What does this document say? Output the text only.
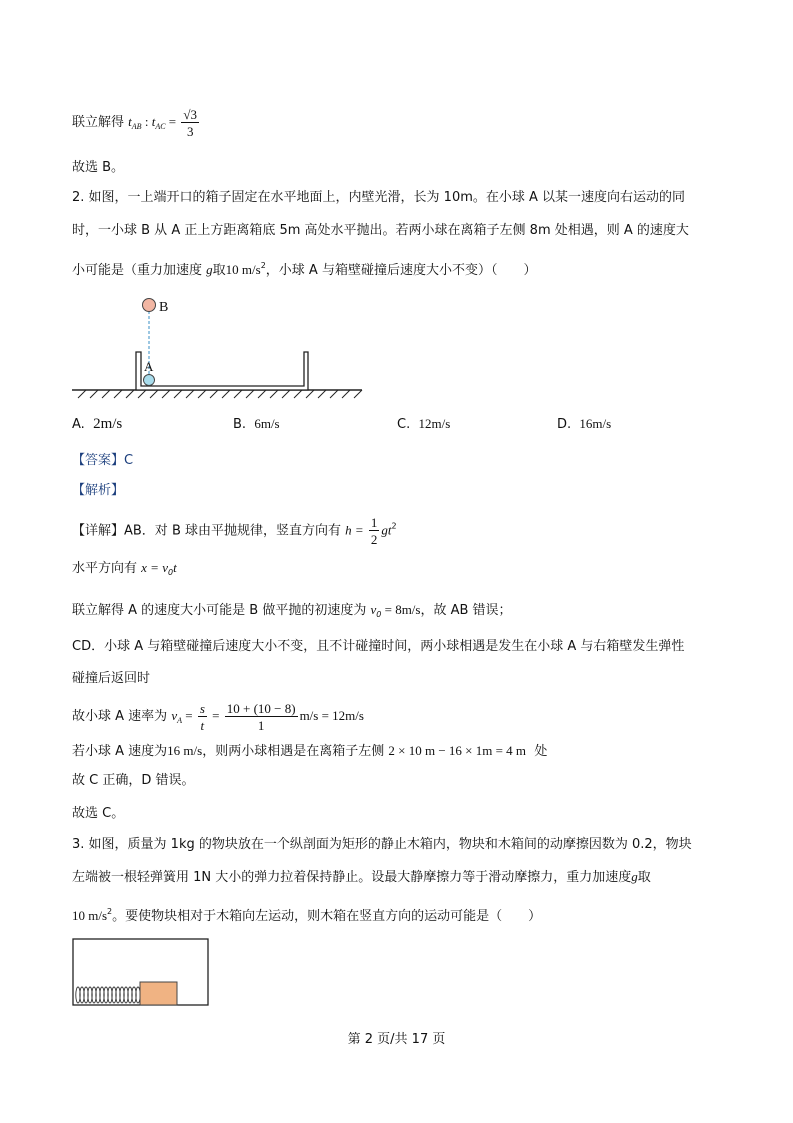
联立解得 $t_{AB}$ : $t_{AC} = \frac{√3}{3}$
故选 B。
2. 如图，一上端开口的箱子固定在水平地面上，内壁光滑，长为 10m。在小球 A 以某一速度向右运动的同
时，一小球 B 从 A 正上方距离箱底 5m 高处水平抛出。若两小球在离箱子左侧 8m 处相遇，则 A 的速度大
小可能是（重力加速度 g取10 $m/s^2$，小球 A 与箱壁碰撞后速度大小不变）（　　）
B
A
A. 2m/s	B. 6m/s	C. 12m/s	D. 16m/s
【答案】C
【解析】
【详解】AB．对 B 球由平抛规律，竖直方向有 $h = \frac{1}{2} gt^2$
水平方向有 $x = v_0t$
联立解得 A 的速度大小可能是 B 做平抛的初速度为 $v_0 = 8m/s$，故 AB 错误；
CD．小球 A 与箱壁碰撞后速度大小不变，且不计碰撞时间，两小球相遇是发生在小球 A 与右箱壁发生弹性
碰撞后返回时
故小球 A 速率为 $v_A = \frac{s}{t} = \frac{10 + (10 - 8)}{1} m/s = 12m/s$
若小球 A 速度为16 m/s，则两小球相遇是在离箱子左侧 2 × 10 m − 16 × 1m = 4 m 处
故 C 正确，D 错误。
故选 C。
3. 如图，质量为 1kg 的物块放在一个纵剖面为矩形的静止木箱内，物块和木箱间的动摩擦因数为 0.2，物块
左端被一根轻弹簧用 1N 大小的弹力拉着保持静止。设最大静摩擦力等于滑动摩擦力，重力加速度g取
10 $m/s^2$。要使物块相对于木箱向左运动，则木箱在竖直方向的运动可能是（　　）
第 2 页/共 17 页
